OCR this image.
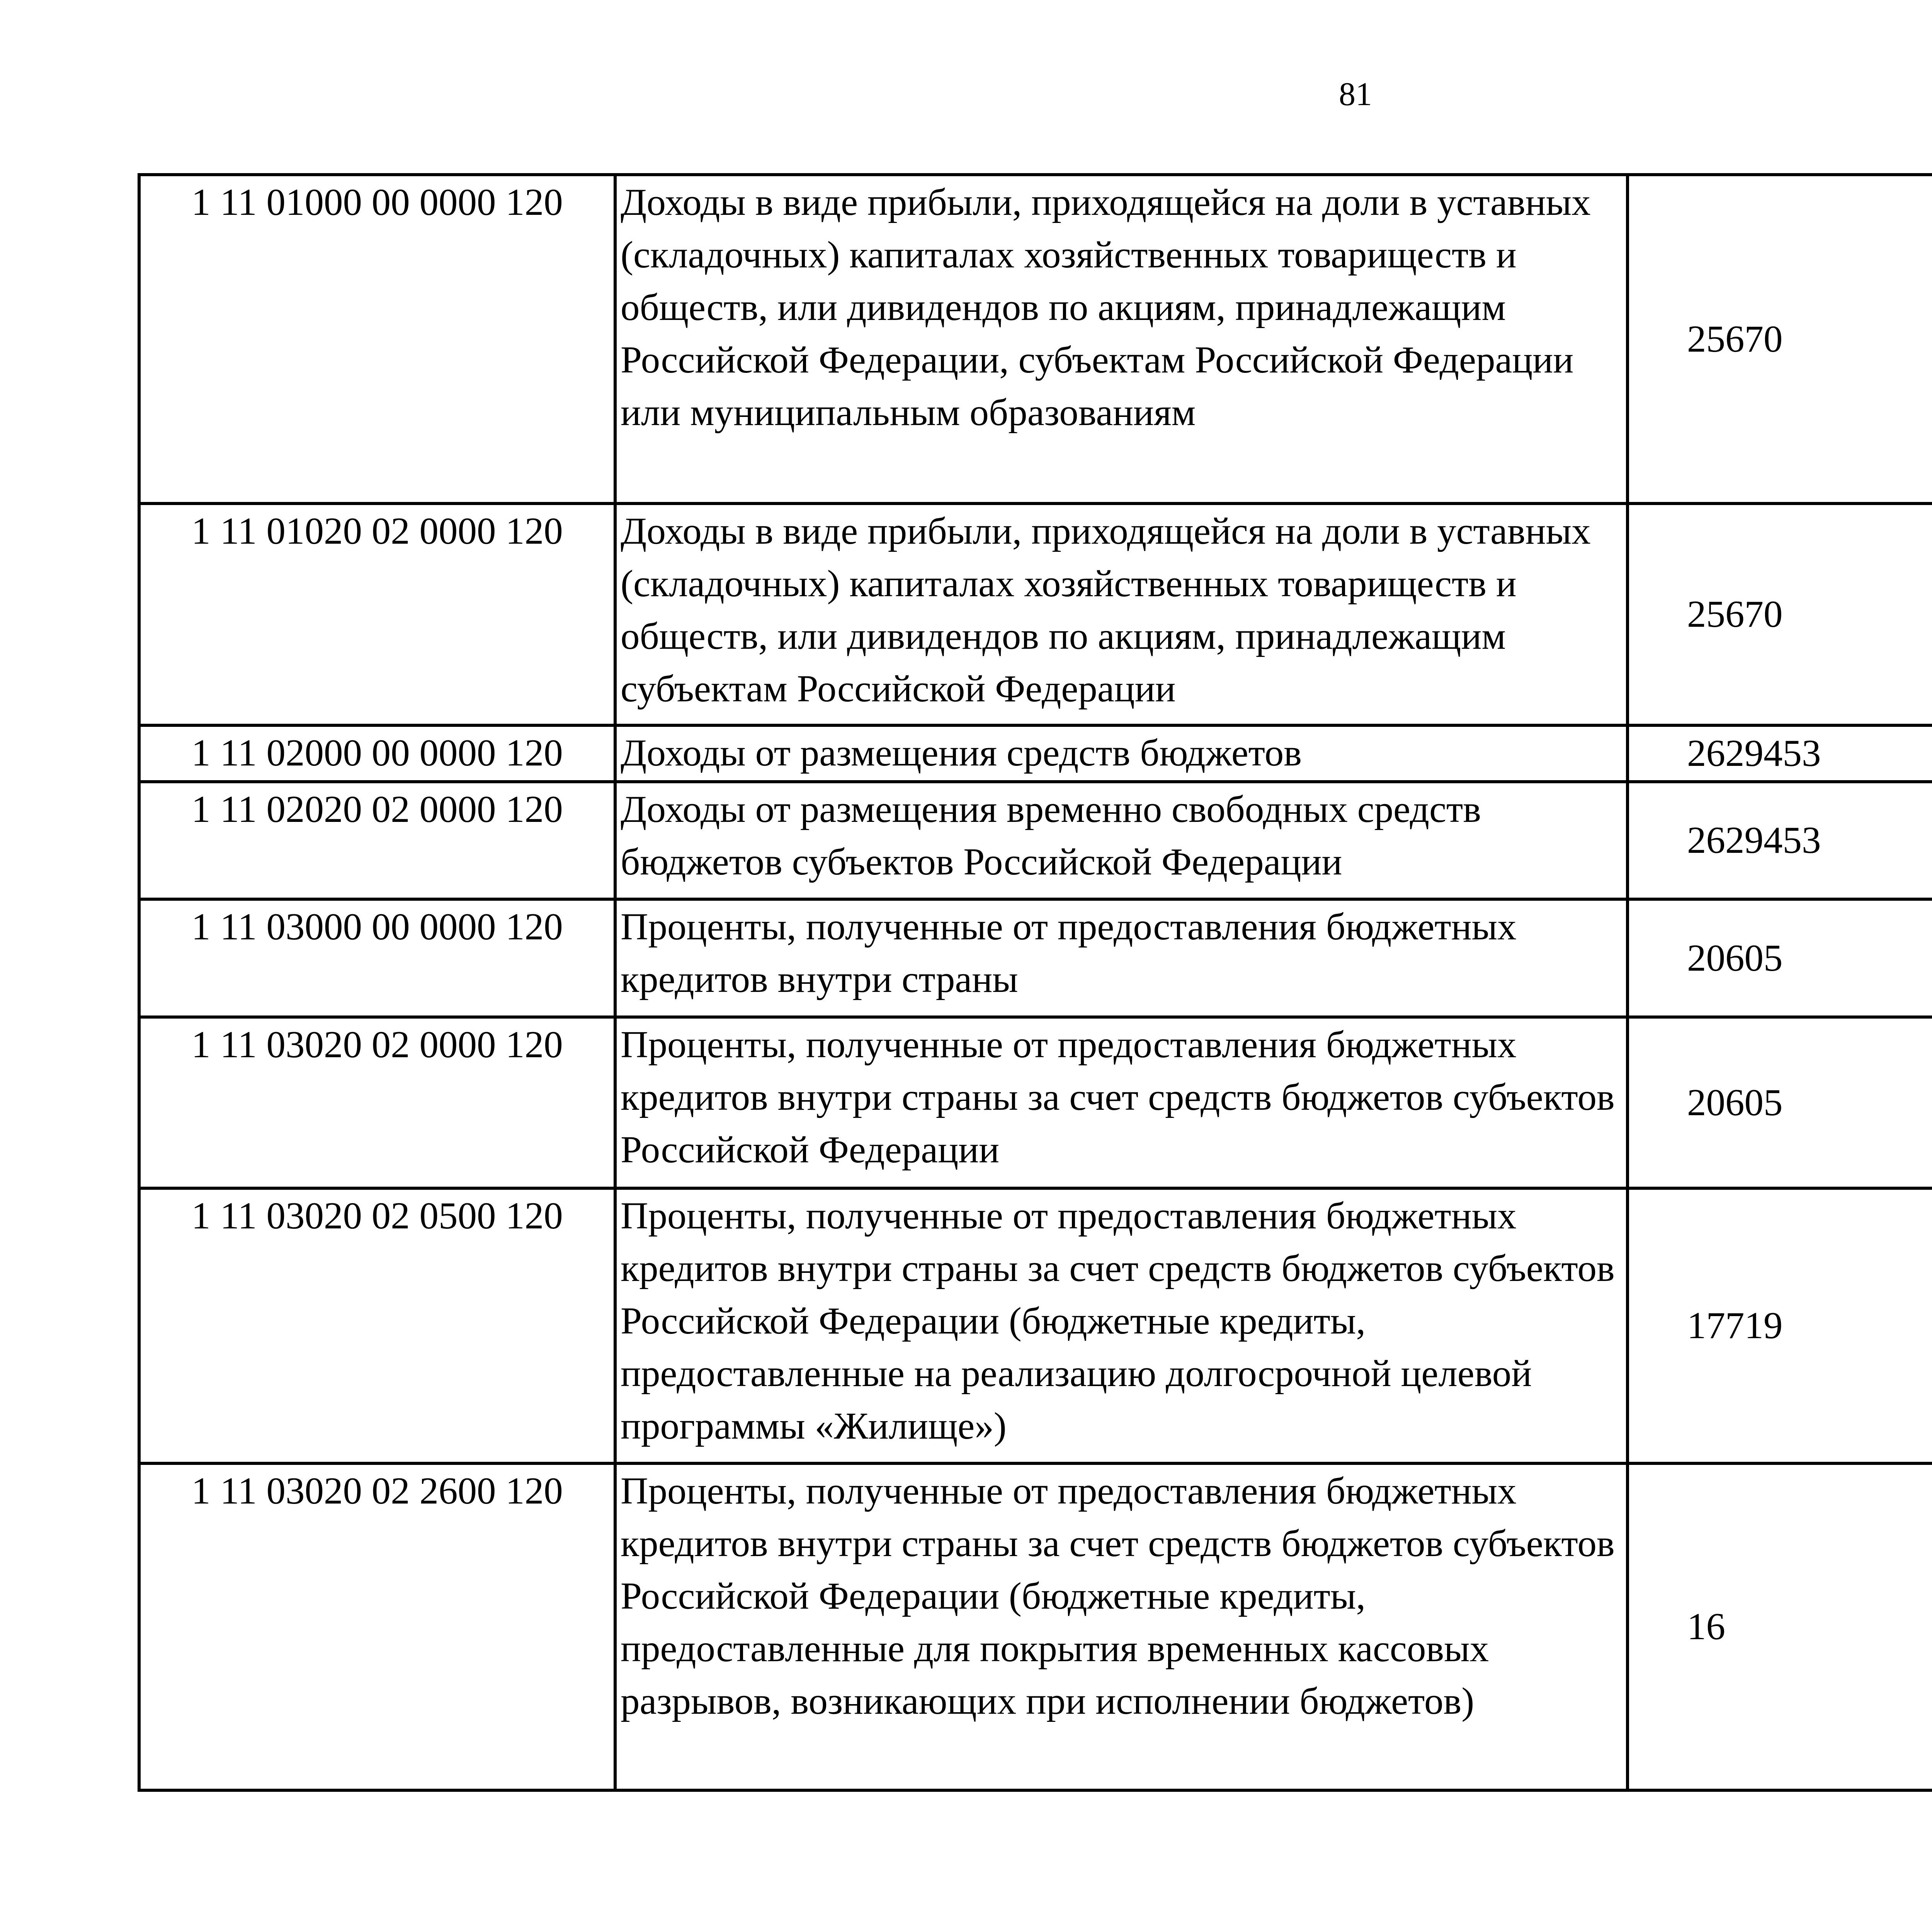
81
1 11 01000 00 0000 120	Доходы в виде прибыли, приходящейся на доли в уставных (складочных) капиталах хозяйственных товариществ и обществ, или дивидендов по акциям, принадлежащим Российской Федерации, субъектам Российской Федерации или муниципальным образованиям	25670		
1 11 01020 02 0000 120	Доходы в виде прибыли, приходящейся на доли в уставных (складочных) капиталах хозяйственных товариществ и обществ, или дивидендов по акциям, принадлежащим субъектам Российской Федерации	25670		
1 11 02000 00 0000 120	Доходы от размещения средств бюджетов	2629453		
1 11 02020 02 0000 120	Доходы от размещения временно свободных средств бюджетов субъектов Российской Федерации	2629453		
1 11 03000 00 0000 120	Проценты, полученные от предоставления бюджетных кредитов внутри страны	20605		
1 11 03020 02 0000 120	Проценты, полученные от предоставления бюджетных кредитов внутри страны за счет средств бюджетов субъектов Российской Федерации	20605		
1 11 03020 02 0500 120	Проценты, полученные от предоставления бюджетных кредитов внутри страны за счет средств бюджетов субъектов Российской Федерации (бюджетные кредиты, предоставленные на реализацию долгосрочной целевой программы «Жилище»)	17719		
1 11 03020 02 2600 120	Проценты, полученные от предоставления бюджетных кредитов внутри страны за счет средств бюджетов субъектов Российской Федерации (бюджетные кредиты, предоставленные для покрытия временных кассовых разрывов, возникающих при исполнении бюджетов)	16		
